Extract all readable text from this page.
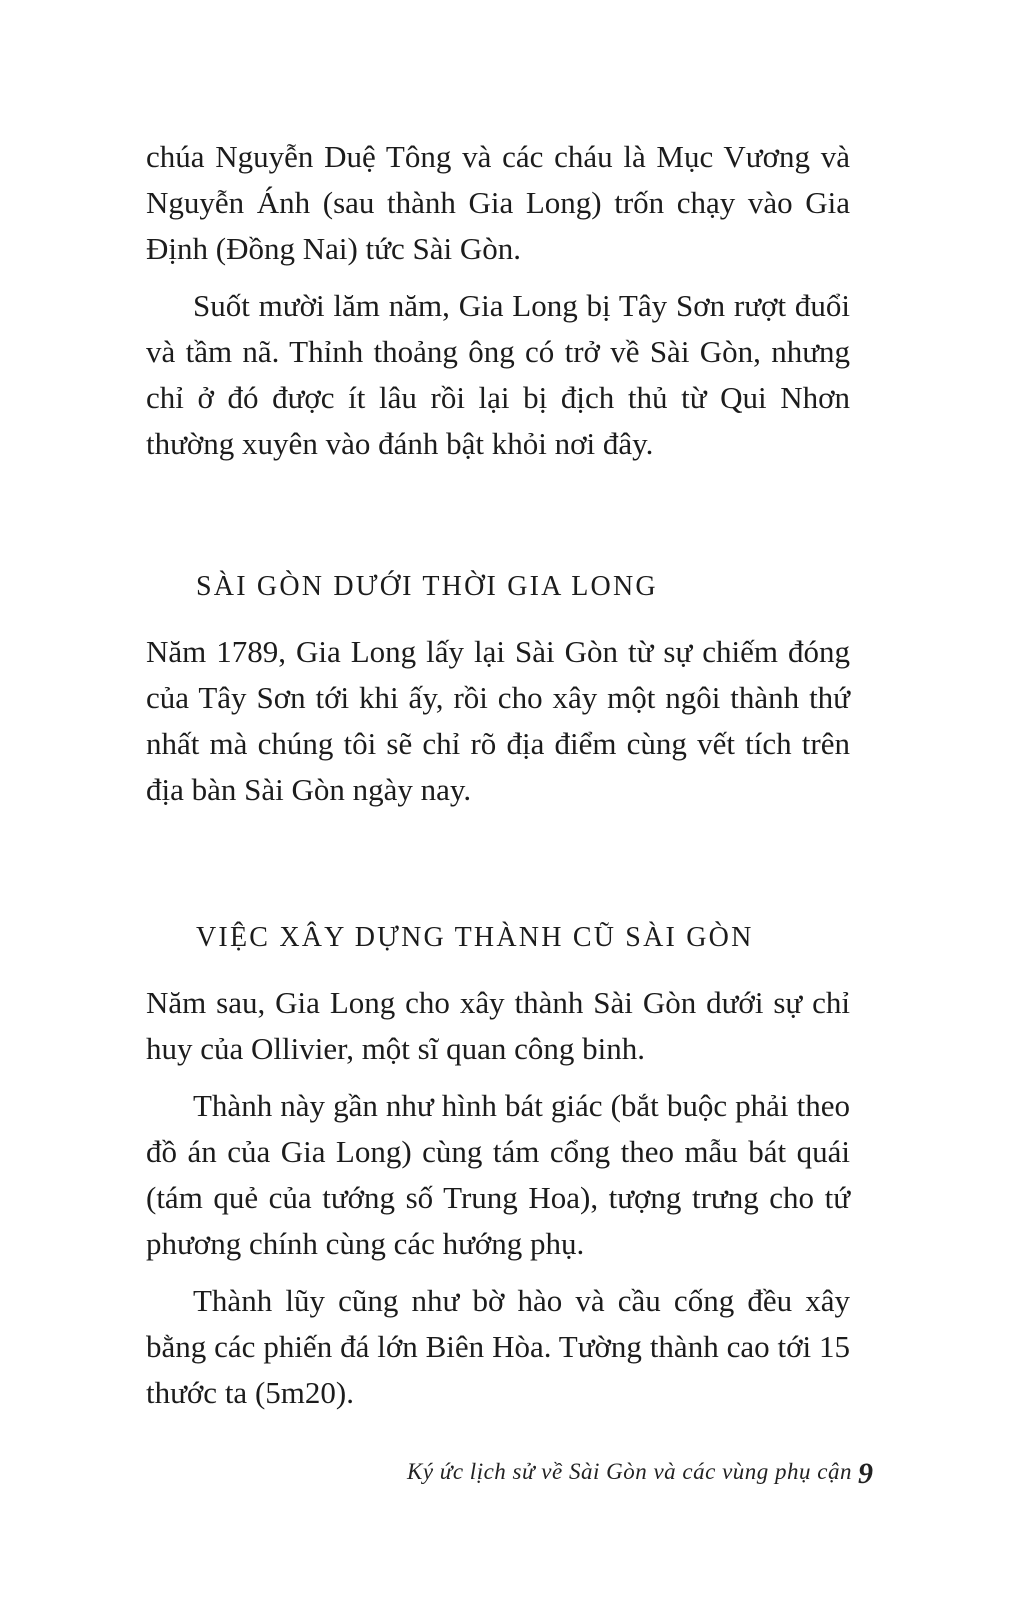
chúa Nguyễn Duệ Tông và các cháu là Mục Vương và Nguyễn Ánh (sau thành Gia Long) trốn chạy vào Gia Định (Đồng Nai) tức Sài Gòn.

Suốt mười lăm năm, Gia Long bị Tây Sơn rượt đuổi và tầm nã. Thỉnh thoảng ông có trở về Sài Gòn, nhưng chỉ ở đó được ít lâu rồi lại bị địch thủ từ Qui Nhơn thường xuyên vào đánh bật khỏi nơi đây.

SÀI GÒN DƯỚI THỜI GIA LONG

Năm 1789, Gia Long lấy lại Sài Gòn từ sự chiếm đóng của Tây Sơn tới khi ấy, rồi cho xây một ngôi thành thứ nhất mà chúng tôi sẽ chỉ rõ địa điểm cùng vết tích trên địa bàn Sài Gòn ngày nay.

VIỆC XÂY DỰNG THÀNH CŨ SÀI GÒN

Năm sau, Gia Long cho xây thành Sài Gòn dưới sự chỉ huy của Ollivier, một sĩ quan công binh.

Thành này gần như hình bát giác (bắt buộc phải theo đồ án của Gia Long) cùng tám cổng theo mẫu bát quái (tám quẻ của tướng số Trung Hoa), tượng trưng cho tứ phương chính cùng các hướng phụ.

Thành lũy cũng như bờ hào và cầu cống đều xây bằng các phiến đá lớn Biên Hòa. Tường thành cao tới 15 thước ta (5m20).

Ký ức lịch sử về Sài Gòn và các vùng phụ cận 9
